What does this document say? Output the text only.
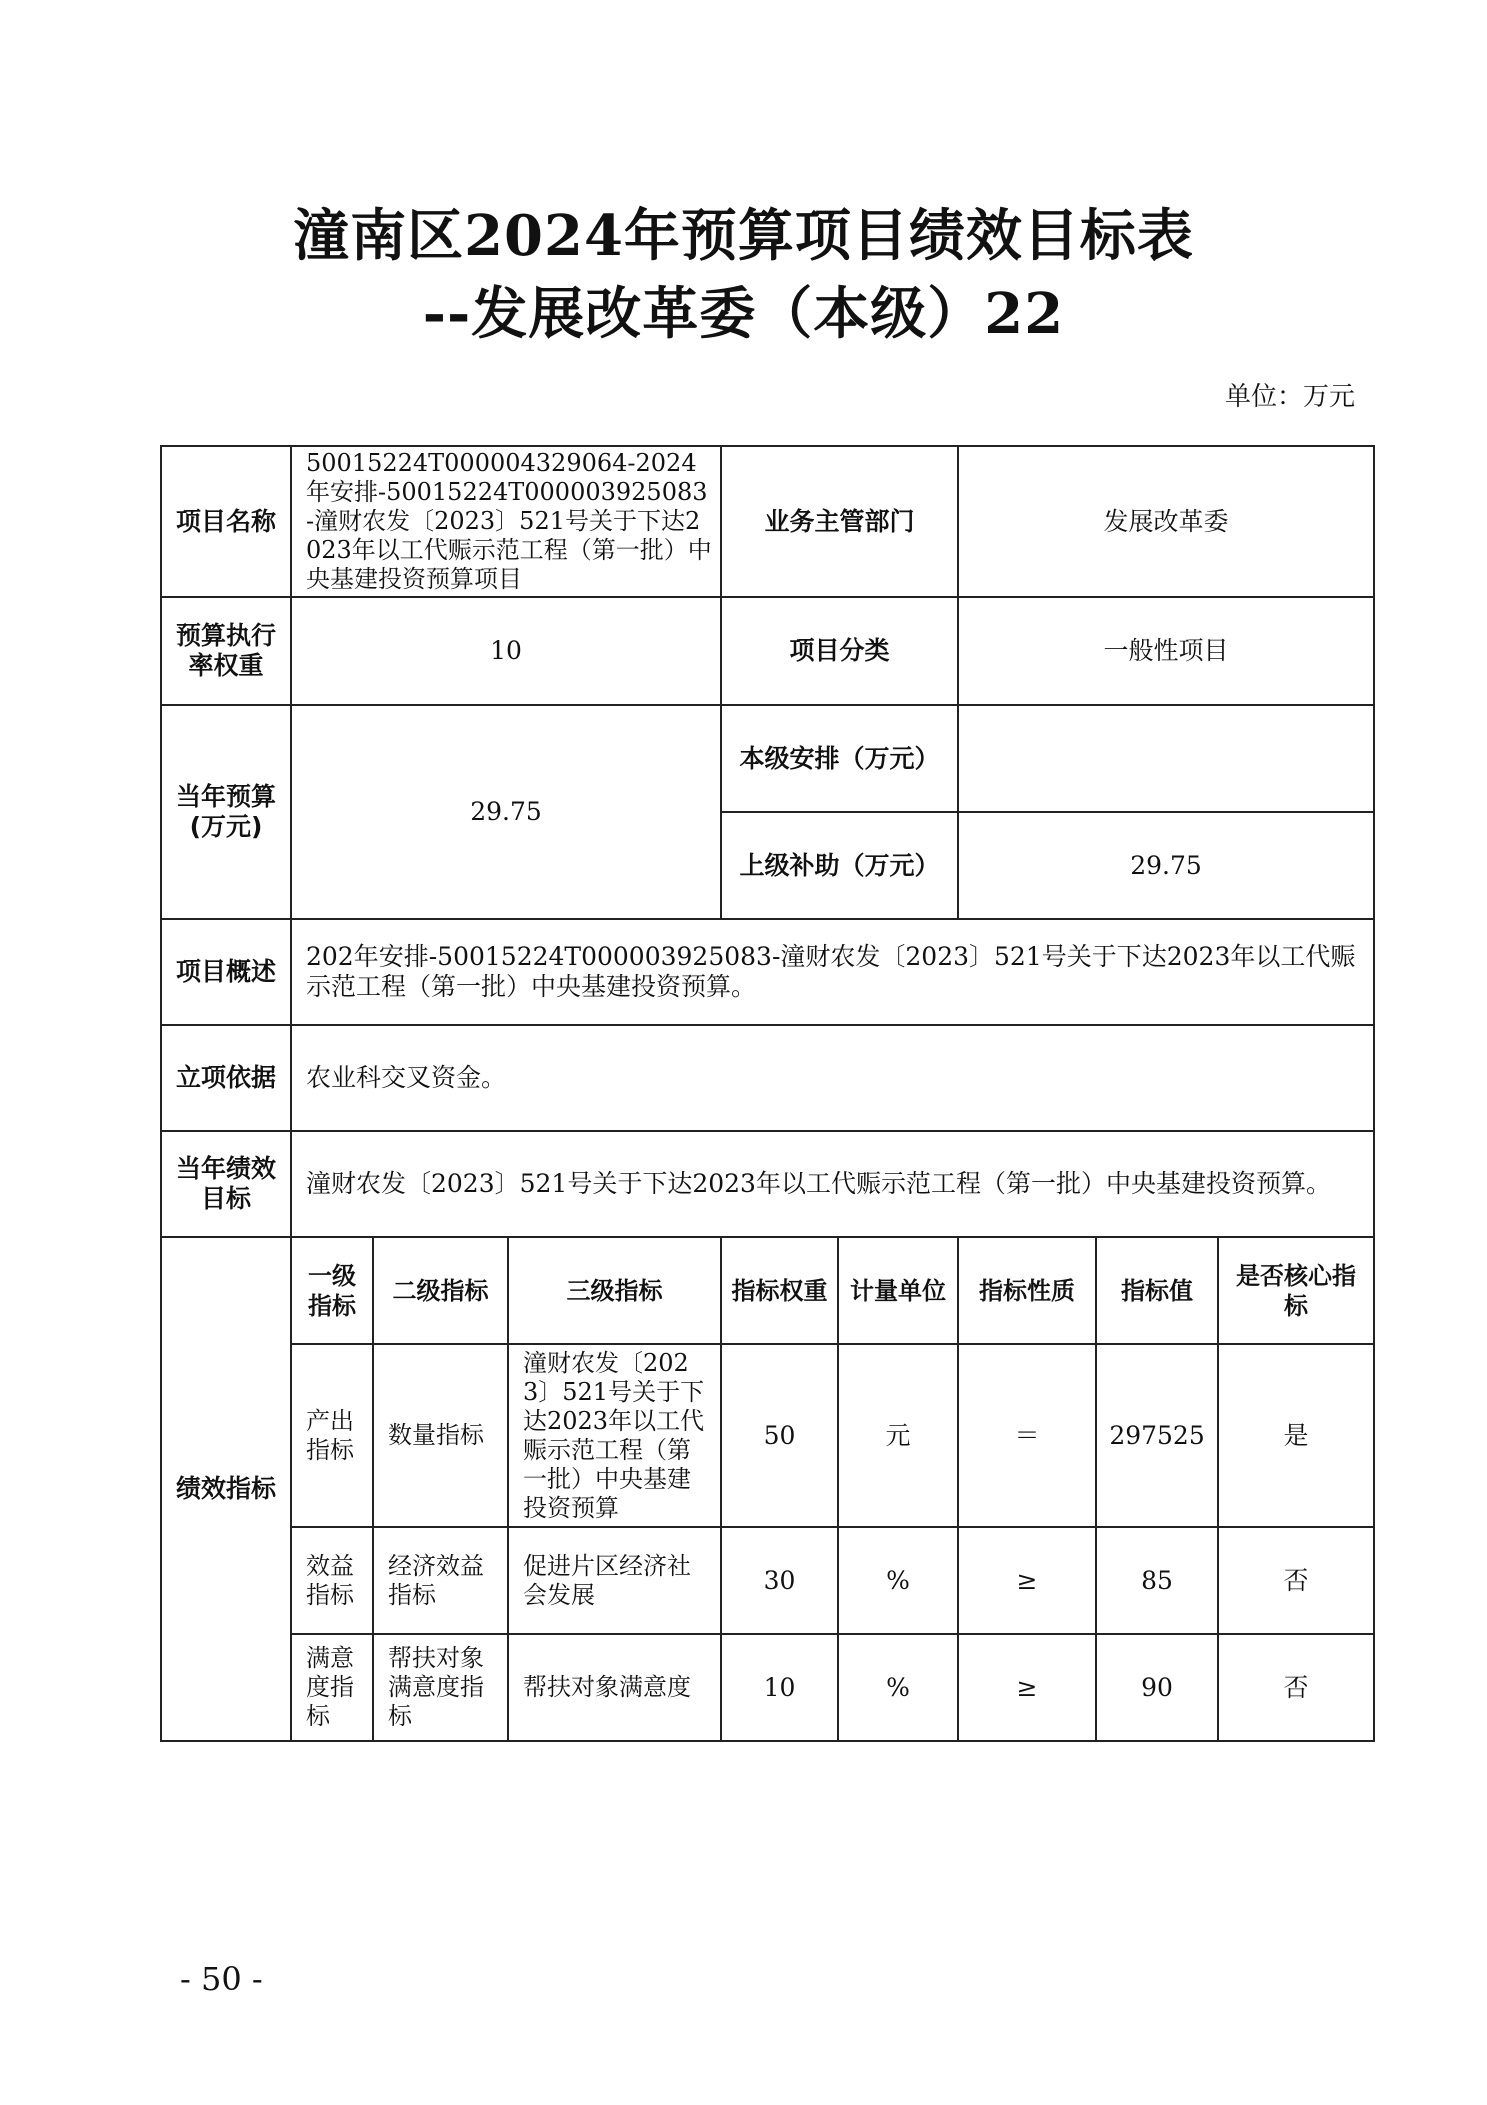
潼南区2024年预算项目绩效目标表
--发展改革委（本级）22
单位：万元
项目名称	50015224T000004329064-2024年安排-50015224T000003925083-潼财农发〔2023〕521号关于下达2023年以工代赈示范工程（第一批）中央基建投资预算项目			业务主管部门		发展改革委		
预算执行率权重	10			项目分类		一般性项目		
当年预算(万元)	29.75			本级安排（万元）				
				上级补助（万元）		29.75		
项目概述	202年安排-50015224T000003925083-潼财农发〔2023〕521号关于下达2023年以工代赈示范工程（第一批）中央基建投资预算。							
立项依据	农业科交叉资金。							
当年绩效目标	潼财农发〔2023〕521号关于下达2023年以工代赈示范工程（第一批）中央基建投资预算。							
绩效指标	一级指标	二级指标	三级指标	指标权重	计量单位	指标性质	指标值	是否核心指标
	产出指标	数量指标	潼财农发〔2023〕521号关于下达2023年以工代赈示范工程（第一批）中央基建投资预算	50	元	＝	297525	是
	效益指标	经济效益指标	促进片区经济社会发展	30	%	≥	85	否
	满意度指标	帮扶对象满意度指标	帮扶对象满意度	10	%	≥	90	否
- 50 -
